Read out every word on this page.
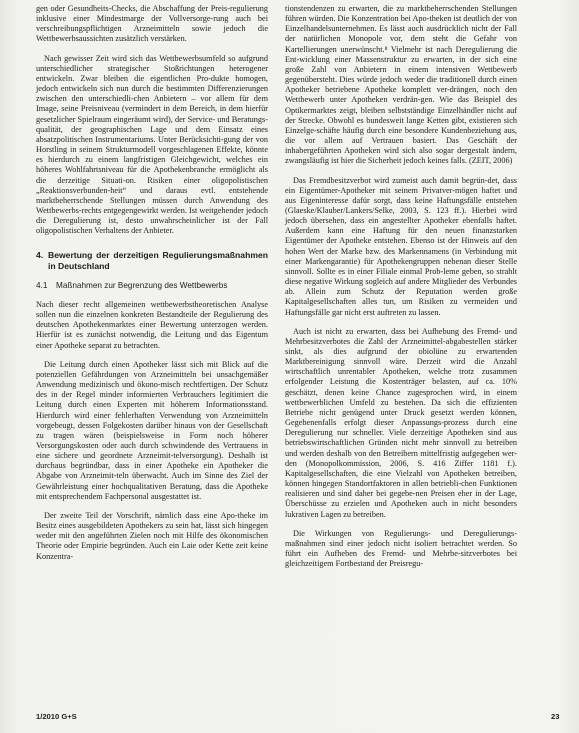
gen oder Gesundheits-Checks, die Abschaffung der Preis-regulierung inklusive einer Mindestmarge der Vollversorge-rung auch bei verschreibungspflichtigen Arzneimitteln sowie jedoch die Wettbewerbsaussichten zusätzlich verstärken.

Nach gewisser Zeit wird sich das Wettbewerbsumfeld so aufgrund unterschiedlicher strategischer Stoßrichtungen heterogener entwickeln. Zwar bleiben die eigentlichen Pro-dukte homogen, jedoch entwickeln sich nun durch die bestimmten Differenzierungen zwischen den unterschiedli-chen Anbietern – vor allem für dem Image, seine Preisniveau (vermindert in dem Bereich, in dem hierfür gesetzlicher Spielraum eingeräumt wird), der Service- und Beratungs-qualität, der geographischen Lage und dem Einsatz eines absatzpolitischen Instrumentariums. Unter Berücksichti-gung der von Horstling in seinem Strukturmodell vorgeschlagenen Effekte, könnte es hierdurch zu einem langfristigen Gleichgewicht, welches ein höheres Wohlfahrtsniveau für die Apothekenbranche ermöglicht als die derzeitige Situati-on. Risiken einer oligopolistischen „Reaktionsverbunden-heit“ und daraus evtl. entstehende marktbeherrschende Stellungen müssen durch Anwendung des Wettbewerbs-rechts entgegengewirkt werden. Ist weitgehender jedoch die Deregulierung ist, desto unwahrscheinlicher ist der Fall oligopolistischen Verhaltens der Anbieter.

4. Bewertung der derzeitigen Regulierungsmaßnahmen in Deutschland
4.1	Maßnahmen zur Begrenzung des Wettbewerbs

Nach dieser recht allgemeinen wettbewerbstheoretischen Analyse sollen nun die einzelnen konkreten Bestandteile der Regulierung des deutschen Apothekenmarktes einer Bewertung unterzogen werden. Hierfür ist es zunächst notwendig, die Leitung und das Eigentum einer Apotheke separat zu betrachten.

Die Leitung durch einen Apotheker lässt sich mit Blick auf die potenziellen Gefährdungen von Arzneimitteln bei unsachgemäßer Anwendung medizinisch und ökono-misch rechtfertigen. Der Schutz des in der Regel minder informierten Verbrauchers legitimiert die Leitung durch einen Experten mit höherem Informationsstand. Hierdurch wird einer fehlerhaften Verwendung von Arzneimitteln vorgebeugt, dessen Folgekosten darüber hinaus von der Gesellschaft zu tragen wären (beispielsweise in Form noch höherer Versorgungskosten oder auch durch schwindende des Vertrauens in eine sichere und geordnete Arzneimit-telversorgung). Deshalb ist durchaus begründbar, dass in einer Apotheke ein Apotheker die Abgabe von Arzneimit-teln überwacht. Auch im Sinne des Ziel der Gewährleistung einer hochqualitativen Beratung, dass die Apotheke mit entsprechendem Fachpersonal ausgestattet ist.

Der zweite Teil der Vorschrift, nämlich dass eine Apo-theke im Besitz eines ausgebildeten Apothekers zu sein hat, lässt sich hingegen weder mit den angeführten Zielen noch mit Hilfe des ökonomischen Theorie oder Empirie begründen. Auch ein Laie oder Kette zeit keine Konzentra-

tionstendenzen zu erwarten, die zu marktbeherrschenden Stellungen führen würden. Die Konzentration bei Apo-theken ist deutlich der von Einzelhandelsunternehmen. Es lässt auch ausdrücklich nicht der Fall der natürlichen Monopole vor, dem steht die Gefahr von Kartellierungen unerwünscht.⁸ Vielmehr ist nach Deregulierung die Ent-wicklung einer Massenstruktur zu erwarten, in der sich eine große Zahl von Anbietern in einem intensiven Wettbewerb gegenübersteht. Dies würde jedoch weder die traditionell durch einen Apotheker betriebene Apotheke komplett ver-drängen, noch den Wettbewerb unter Apotheken verdrän-gen. Wie das Beispiel des Optikermarktes zeigt, bleiben selbstständige Einzelhändler nicht auf der Strecke. Obwohl es bundesweit lange Ketten gibt, existieren sich Einzelge-schäfte häufig durch eine besondere Kundenbeziehung aus, die vor allem auf Vertrauen basiert. Das Geschäft der inhabergeführten Apotheken wird sich also sogar dergestalt ändern, zwangsläufig ist hier die Sicherheit jedoch keines falls. (ZEIT, 2006)

Das Fremdbesitzverbot wird zumeist auch damit begrün-det, dass ein Eigentümer-Apotheker mit seinem Privatver-mögen haftet und aus Eigeninteresse dafür sorgt, dass keine Haftungsfälle entstehen (Glaeske/Klauber/Lankers/Selke, 2003, S. 123 ff.). Hierbei wird jedoch übersehen, dass ein angestellter Apotheker ebenfalls haftet. Außerdem kann eine Haftung für den neuen finanzstarken Eigentümer der Apotheke entstehen. Ebenso ist der Hinweis auf den hohen Wert der Marke bzw. des Markennamens (in Verbindung mit einer Markengarantie) für Apothekengruppen nebenan dieser Stelle sinnvoll. Sollte es in einer Filiale einmal Prob-leme geben, so strahlt diese negative Wirkung sogleich auf andere Mitglieder des Verbundes ab. Allein zum Schutz der Reputation werden große Kapitalgesellschaften alles tun, um Risiken zu vermeiden und Haftungsfälle gar nicht erst auftreten zu lassen.

Auch ist nicht zu erwarten, dass bei Aufhebung des Fremd- und Mehrbesitzverbotes die Zahl der Arzneimittel-abgabestellen stärker sinkt, als dies aufgrund der obiolüne zu erwartenden Marktbereinigung sinnvoll wäre. Derzeit wird die Anzahl wirtschaftlich unrentabler Apotheken, welche trotz zusammen erfolgender Leistung die Kostenträger belasten, auf ca. 10% geschätzt, denen keine Chance zugesprochen wird, in einem wettbewerblichen Umfeld zu bestehen. Da sich die effizienten Betriebe nicht genügend unter Druck gesetzt werden können, Gegebenenfalls erfolgt dieser Anpassungs-prozess durch eine Deregulierung nur schneller. Viele derzeitige Apotheken sind aus betriebswirtschaftlichen Gründen nicht mehr sinnvoll zu betreiben und werden deshalb von den Betreibern mittelfristig aufgegeben wer-den (Monopolkommission, 2006, S. 416 Ziffer 1181 f.). Kapitalgesellschaften, die eine Vielzahl von Apotheken betreiben, können hingegen Standortfaktoren in allen betriebli-chen Funktionen realisieren und sind daher bei gegebe-nen Preisen eher in der Lage, Überschüsse zu erzielen und Apotheken auch in nicht besonders lukrativen Lagen zu betreiben.

Die Wirkungen von Regulierungs- und Deregulierungs-maßnahmen sind einer jedoch nicht isoliert betrachtet werden. So führt ein Aufheben des Fremd- und Mehrbe-sitzverbotes bei gleichzeitigem Fortbestand der Preisregu-

1/2010 G+S	23
